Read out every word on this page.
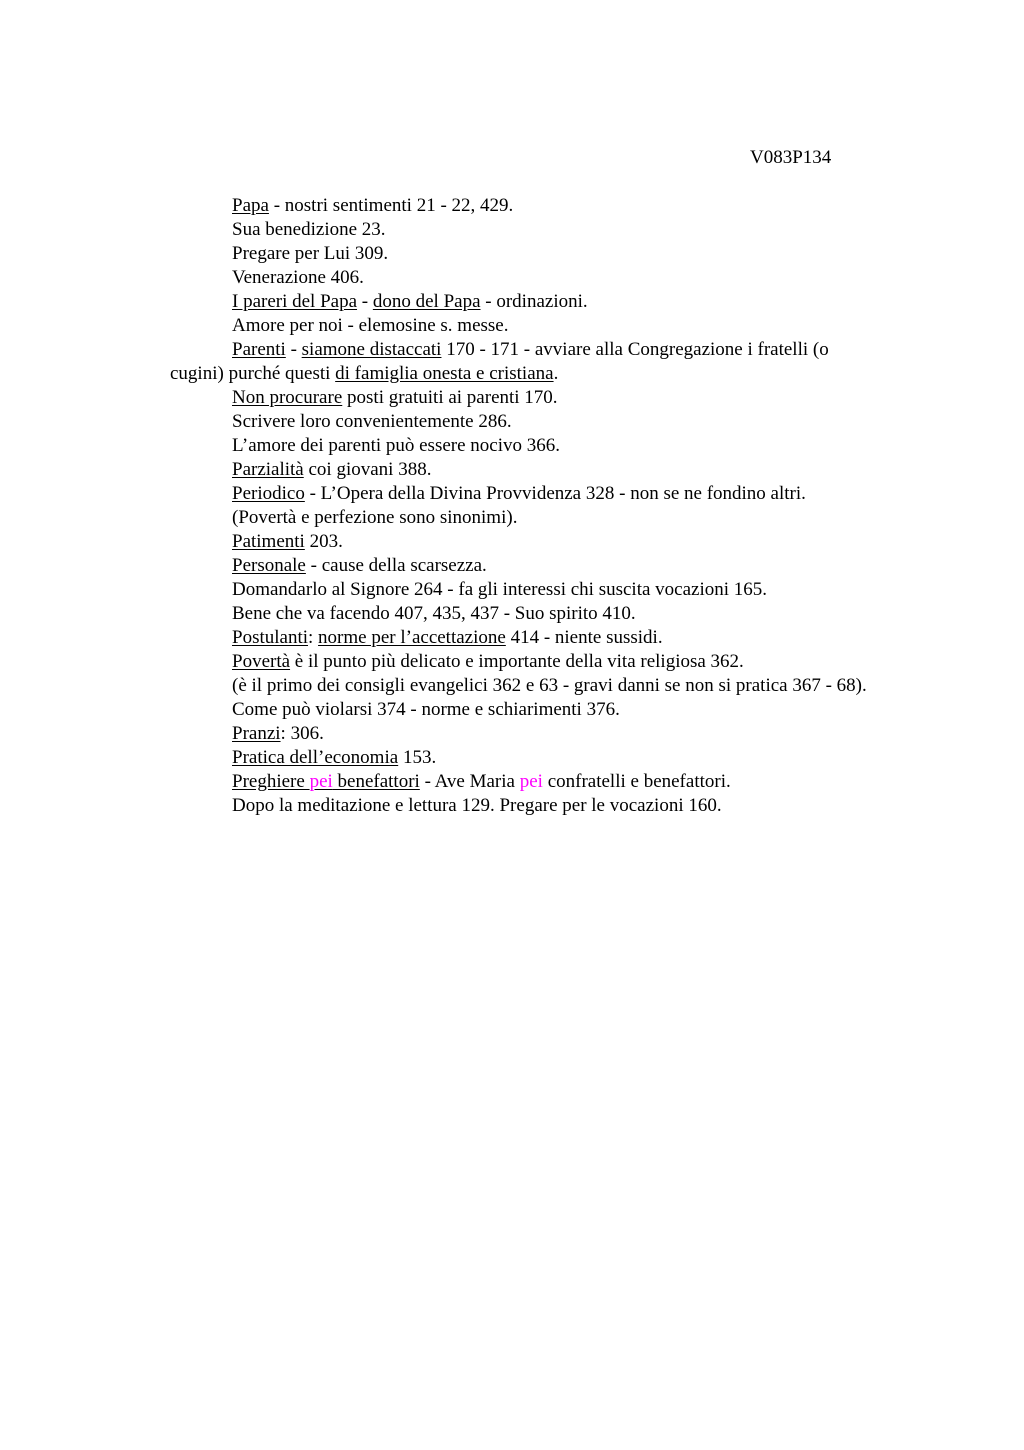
V083P134
Papa - nostri sentimenti 21 - 22, 429.
Sua benedizione 23.
Pregare per Lui 309.
Venerazione 406.
I pareri del Papa - dono del Papa - ordinazioni.
Amore per noi - elemosine s. messe.
Parenti - siamone distaccati 170 - 171 - avviare alla Congregazione i fratelli (o
cugini) purché questi di famiglia onesta e cristiana.
Non procurare posti gratuiti ai parenti 170.
Scrivere loro convenientemente 286.
L’amore dei parenti può essere nocivo 366.
Parzialità coi giovani 388.
Periodico - L’Opera della Divina Provvidenza 328 - non se ne fondino altri.
(Povertà e perfezione sono sinonimi).
Patimenti 203.
Personale - cause della scarsezza.
Domandarlo al Signore 264 - fa gli interessi chi suscita vocazioni 165.
Bene che va facendo 407, 435, 437 - Suo spirito 410.
Postulanti: norme per l’accettazione 414 - niente sussidi.
Povertà è il punto più delicato e importante della vita religiosa 362.
(è il primo dei consigli evangelici 362 e 63 - gravi danni se non si pratica 367 - 68).
Come può violarsi 374 - norme e schiarimenti 376.
Pranzi: 306.
Pratica dell’economia 153.
Preghiere pei benefattori - Ave Maria pei confratelli e benefattori.
Dopo la meditazione e lettura 129. Pregare per le vocazioni 160.
